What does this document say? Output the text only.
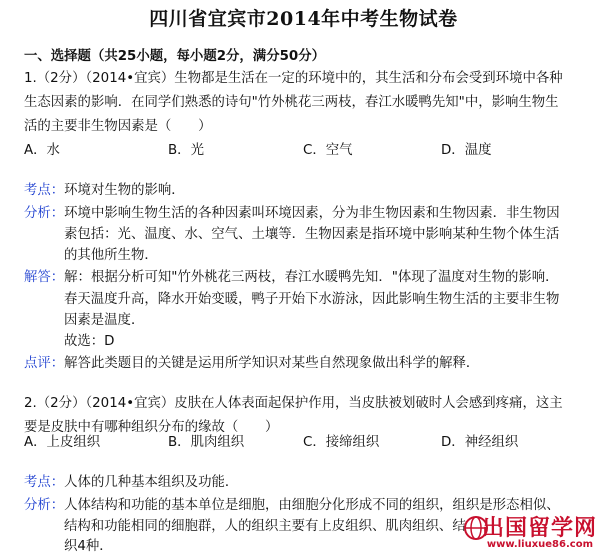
四川省宜宾市2014年中考生物试卷
一、选择题（共25小题，每小题2分，满分50分）
1.（2分）（2014•宜宾）生物都是生活在一定的环境中的，其生活和分布会受到环境中各种
生态因素的影响．在同学们熟悉的诗句"竹外桃花三两枝，春江水暖鸭先知"中，影响生物生
活的主要非生物因素是（　　）
A．水	B．光	C．空气	D．温度
考点：环境对生物的影响．
分析：环境中影响生物生活的各种因素叫环境因素，分为非生物因素和生物因素．非生物因
素包括：光、温度、水、空气、土壤等．生物因素是指环境中影响某种生物个体生活
的其他所生物．
解答：解：根据分析可知"竹外桃花三两枝，春江水暖鸭先知．"体现了温度对生物的影响．
春天温度升高，降水开始变暖，鸭子开始下水游泳，因此影响生物生活的主要非生物
因素是温度．
故选：D
点评：解答此类题目的关键是运用所学知识对某些自然现象做出科学的解释．
2.（2分）（2014•宜宾）皮肤在人体表面起保护作用，当皮肤被划破时人会感到疼痛，这主
要是皮肤中有哪种组织分布的缘故（　　）
A．上皮组织	B．肌肉组织	C．接缔组织	D．神经组织
考点：人体的几种基本组织及功能．
分析：人体结构和功能的基本单位是细胞，由细胞分化形成不同的组织，组织是形态相似、
结构和功能相同的细胞群，人的组织主要有上皮组织、肌肉组织、结
织4种．
出国留学网
www.liuxue86.com
